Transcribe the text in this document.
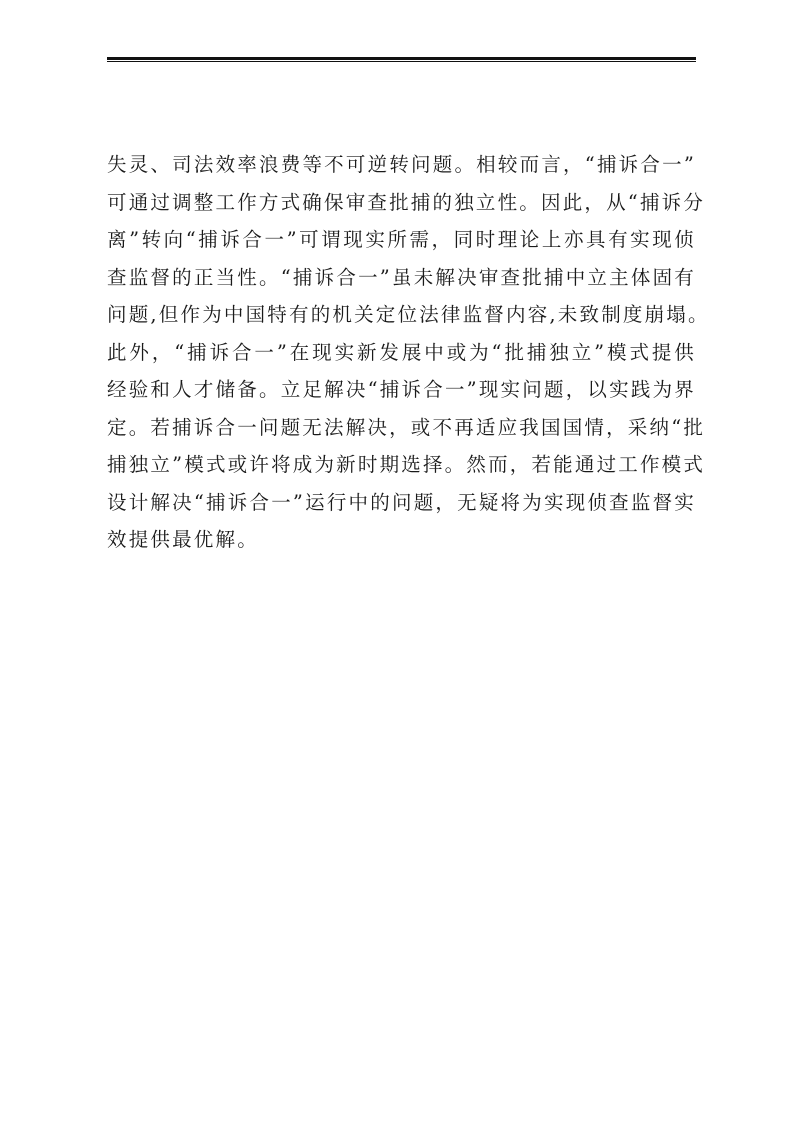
失灵、司法效率浪费等不可逆转问题。相较而言，“捕诉合一”
可通过调整工作方式确保审查批捕的独立性。因此，从“捕诉分
离”转向“捕诉合一”可谓现实所需，同时理论上亦具有实现侦
查监督的正当性。“捕诉合一”虽未解决审查批捕中立主体固有
问题,但作为中国特有的机关定位法律监督内容,未致制度崩塌。
此外，“捕诉合一”在现实新发展中或为“批捕独立”模式提供
经验和人才储备。立足解决“捕诉合一”现实问题，以实践为界
定。若捕诉合一问题无法解决，或不再适应我国国情，采纳“批
捕独立”模式或许将成为新时期选择。然而，若能通过工作模式
设计解决“捕诉合一”运行中的问题，无疑将为实现侦查监督实
效提供最优解。
